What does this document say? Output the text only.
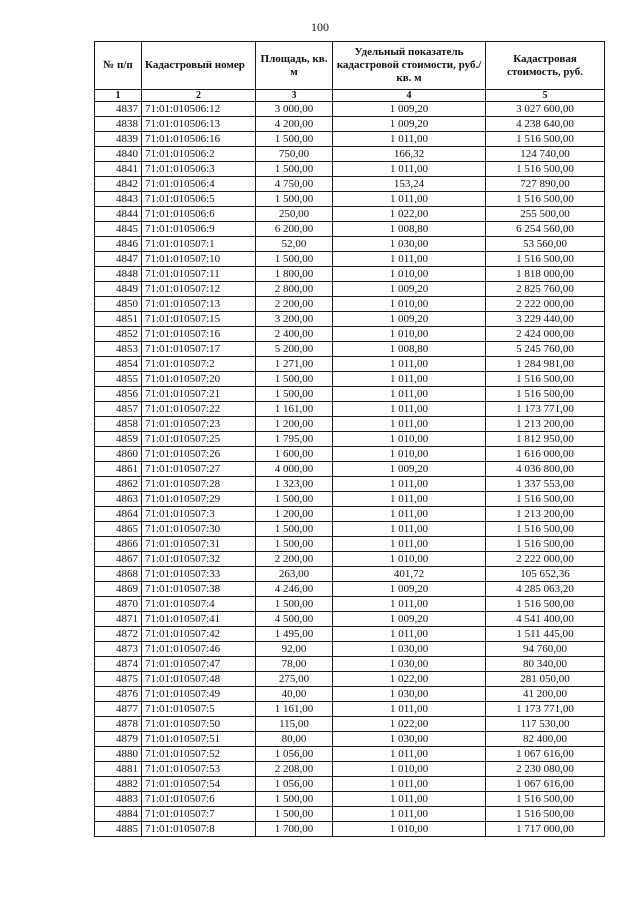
100
№ п/п	Кадастровый номер	Площадь, кв. м	Удельный показатель кадастровой стоимости, руб./кв. м	Кадастровая стоимость, руб.
1	2	3	4	5
4837	71:01:010506:12	3 000,00	1 009,20	3 027 600,00
4838	71:01:010506:13	4 200,00	1 009,20	4 238 640,00
4839	71:01:010506:16	1 500,00	1 011,00	1 516 500,00
4840	71:01:010506:2	750,00	166,32	124 740,00
4841	71:01:010506:3	1 500,00	1 011,00	1 516 500,00
4842	71:01:010506:4	4 750,00	153,24	727 890,00
4843	71:01:010506:5	1 500,00	1 011,00	1 516 500,00
4844	71:01:010506:6	250,00	1 022,00	255 500,00
4845	71:01:010506:9	6 200,00	1 008,80	6 254 560,00
4846	71:01:010507:1	52,00	1 030,00	53 560,00
4847	71:01:010507:10	1 500,00	1 011,00	1 516 500,00
4848	71:01:010507:11	1 800,00	1 010,00	1 818 000,00
4849	71:01:010507:12	2 800,00	1 009,20	2 825 760,00
4850	71:01:010507:13	2 200,00	1 010,00	2 222 000,00
4851	71:01:010507:15	3 200,00	1 009,20	3 229 440,00
4852	71:01:010507:16	2 400,00	1 010,00	2 424 000,00
4853	71:01:010507:17	5 200,00	1 008,80	5 245 760,00
4854	71:01:010507:2	1 271,00	1 011,00	1 284 981,00
4855	71:01:010507:20	1 500,00	1 011,00	1 516 500,00
4856	71:01:010507:21	1 500,00	1 011,00	1 516 500,00
4857	71:01:010507:22	1 161,00	1 011,00	1 173 771,00
4858	71:01:010507:23	1 200,00	1 011,00	1 213 200,00
4859	71:01:010507:25	1 795,00	1 010,00	1 812 950,00
4860	71:01:010507:26	1 600,00	1 010,00	1 616 000,00
4861	71:01:010507:27	4 000,00	1 009,20	4 036 800,00
4862	71:01:010507:28	1 323,00	1 011,00	1 337 553,00
4863	71:01:010507:29	1 500,00	1 011,00	1 516 500,00
4864	71:01:010507:3	1 200,00	1 011,00	1 213 200,00
4865	71:01:010507:30	1 500,00	1 011,00	1 516 500,00
4866	71:01:010507:31	1 500,00	1 011,00	1 516 500,00
4867	71:01:010507:32	2 200,00	1 010,00	2 222 000,00
4868	71:01:010507:33	263,00	401,72	105 652,36
4869	71:01:010507:38	4 246,00	1 009,20	4 285 063,20
4870	71:01:010507:4	1 500,00	1 011,00	1 516 500,00
4871	71:01:010507:41	4 500,00	1 009,20	4 541 400,00
4872	71:01:010507:42	1 495,00	1 011,00	1 511 445,00
4873	71:01:010507:46	92,00	1 030,00	94 760,00
4874	71:01:010507:47	78,00	1 030,00	80 340,00
4875	71:01:010507:48	275,00	1 022,00	281 050,00
4876	71:01:010507:49	40,00	1 030,00	41 200,00
4877	71:01:010507:5	1 161,00	1 011,00	1 173 771,00
4878	71:01:010507:50	115,00	1 022,00	117 530,00
4879	71:01:010507:51	80,00	1 030,00	82 400,00
4880	71:01:010507:52	1 056,00	1 011,00	1 067 616,00
4881	71:01:010507:53	2 208,00	1 010,00	2 230 080,00
4882	71:01:010507:54	1 056,00	1 011,00	1 067 616,00
4883	71:01:010507:6	1 500,00	1 011,00	1 516 500,00
4884	71:01:010507:7	1 500,00	1 011,00	1 516 500,00
4885	71:01:010507:8	1 700,00	1 010,00	1 717 000,00
